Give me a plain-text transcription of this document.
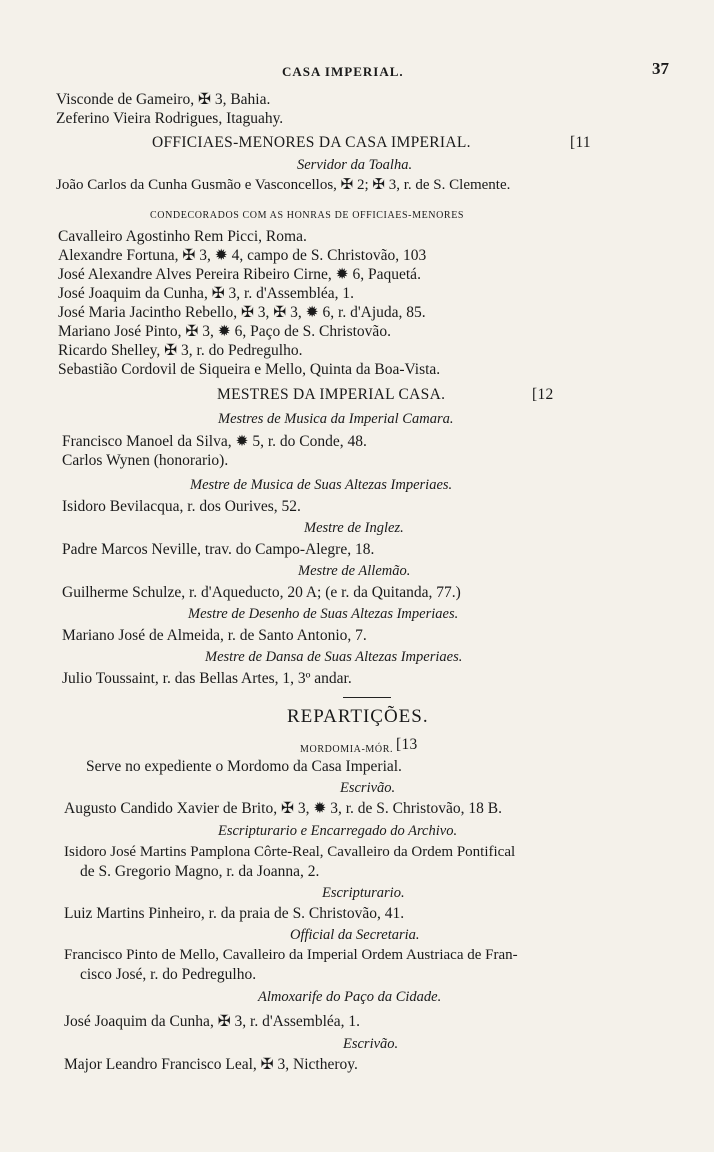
CASA IMPERIAL.	37
Visconde de Gameiro, ✠ 3, Bahia.
Zeferino Vieira Rodrigues, Itaguahy.
OFFICIAES-MENORES DA CASA IMPERIAL.	[11
Servidor da Toalha.
João Carlos da Cunha Gusmão e Vasconcellos, ✠ 2; ✠ 3, r. de S. Clemente.
CONDECORADOS COM AS HONRAS DE OFFICIAES-MENORES
Cavalleiro Agostinho Rem Picci, Roma.
Alexandre Fortuna, ✠ 3, ✹ 4, campo de S. Christovão, 103
José Alexandre Alves Pereira Ribeiro Cirne, ✹ 6, Paquetá.
José Joaquim da Cunha, ✠ 3, r. d'Assembléa, 1.
José Maria Jacintho Rebello, ✠ 3, ✠ 3, ✹ 6, r. d'Ajuda, 85.
Mariano José Pinto, ✠ 3, ✹ 6, Paço de S. Christovão.
Ricardo Shelley, ✠ 3, r. do Pedregulho.
Sebastião Cordovil de Siqueira e Mello, Quinta da Boa-Vista.
MESTRES DA IMPERIAL CASA.	[12
Mestres de Musica da Imperial Camara.
Francisco Manoel da Silva, ✹ 5, r. do Conde, 48.
Carlos Wynen (honorario).
Mestre de Musica de Suas Altezas Imperiaes.
Isidoro Bevilacqua, r. dos Ourives, 52.
Mestre de Inglez.
Padre Marcos Neville, trav. do Campo-Alegre, 18.
Mestre de Allemão.
Guilherme Schulze, r. d'Aqueducto, 20 A; (e r. da Quitanda, 77.)
Mestre de Desenho de Suas Altezas Imperiaes.
Mariano José de Almeida, r. de Santo Antonio, 7.
Mestre de Dansa de Suas Altezas Imperiaes.
Julio Toussaint, r. das Bellas Artes, 1, 3º andar.
REPARTIÇÕES.
MORDOMIA-MÓR. [13
Serve no expediente o Mordomo da Casa Imperial.
Escrivão.
Augusto Candido Xavier de Brito, ✠ 3, ✹ 3, r. de S. Christovão, 18 B.
Escripturario e Encarregado do Archivo.
Isidoro José Martins Pamplona Côrte-Real, Cavalleiro da Ordem Pontifical
de S. Gregorio Magno, r. da Joanna, 2.
Escripturario.
Luiz Martins Pinheiro, r. da praia de S. Christovão, 41.
Official da Secretaria.
Francisco Pinto de Mello, Cavalleiro da Imperial Ordem Austriaca de Fran-
cisco José, r. do Pedregulho.
Almoxarife do Paço da Cidade.
José Joaquim da Cunha, ✠ 3, r. d'Assembléa, 1.
Escrivão.
Major Leandro Francisco Leal, ✠ 3, Nictheroy.
